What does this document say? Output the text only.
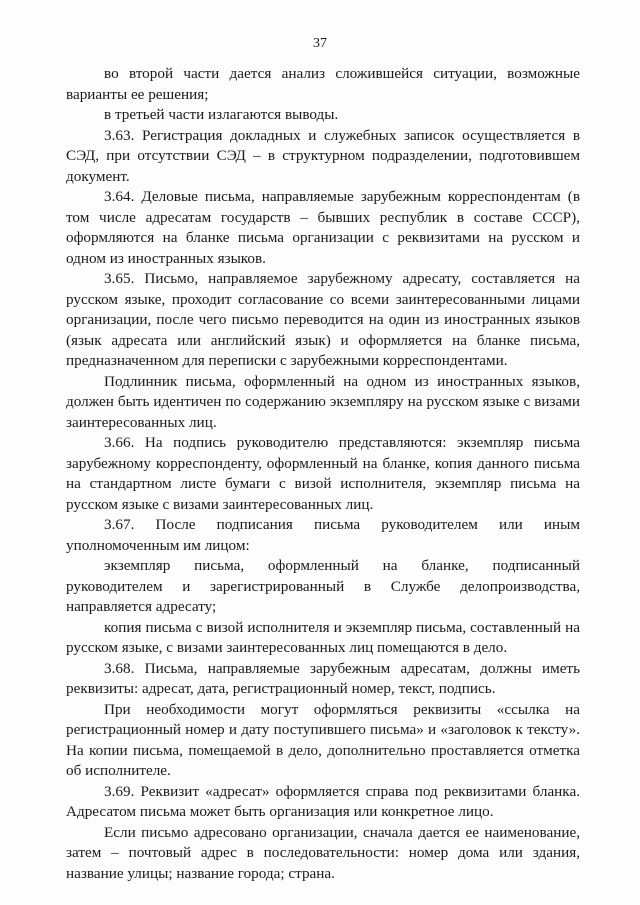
37

во второй части дается анализ сложившейся ситуации, возможные варианты ее решения;

в третьей части излагаются выводы.

3.63. Регистрация докладных и служебных записок осуществляется в СЭД, при отсутствии СЭД – в структурном подразделении, подготовившем документ.

3.64. Деловые письма, направляемые зарубежным корреспондентам (в том числе адресатам государств – бывших республик в составе СССР), оформляются на бланке письма организации с реквизитами на русском и одном из иностранных языков.

3.65. Письмо, направляемое зарубежному адресату, составляется на русском языке, проходит согласование со всеми заинтересованными лицами организации, после чего письмо переводится на один из иностранных языков (язык адресата или английский язык) и оформляется на бланке письма, предназначенном для переписки с зарубежными корреспондентами.

Подлинник письма, оформленный на одном из иностранных языков, должен быть идентичен по содержанию экземпляру на русском языке с визами заинтересованных лиц.

3.66. На подпись руководителю представляются: экземпляр письма зарубежному корреспонденту, оформленный на бланке, копия данного письма на стандартном листе бумаги с визой исполнителя, экземпляр письма на русском языке с визами заинтересованных лиц.

3.67. После подписания письма руководителем или иным уполномоченным им лицом:

экземпляр письма, оформленный на бланке, подписанный руководителем и зарегистрированный в Службе делопроизводства, направляется адресату;

копия письма с визой исполнителя и экземпляр письма, составленный на русском языке, с визами заинтересованных лиц помещаются в дело.

3.68. Письма, направляемые зарубежным адресатам, должны иметь реквизиты: адресат, дата, регистрационный номер, текст, подпись.

При необходимости могут оформляться реквизиты «ссылка на регистрационный номер и дату поступившего письма» и «заголовок к тексту». На копии письма, помещаемой в дело, дополнительно проставляется отметка об исполнителе.

3.69. Реквизит «адресат» оформляется справа под реквизитами бланка. Адресатом письма может быть организация или конкретное лицо.

Если письмо адресовано организации, сначала дается ее наименование, затем – почтовый адрес в последовательности: номер дома или здания, название улицы; название города; страна.
